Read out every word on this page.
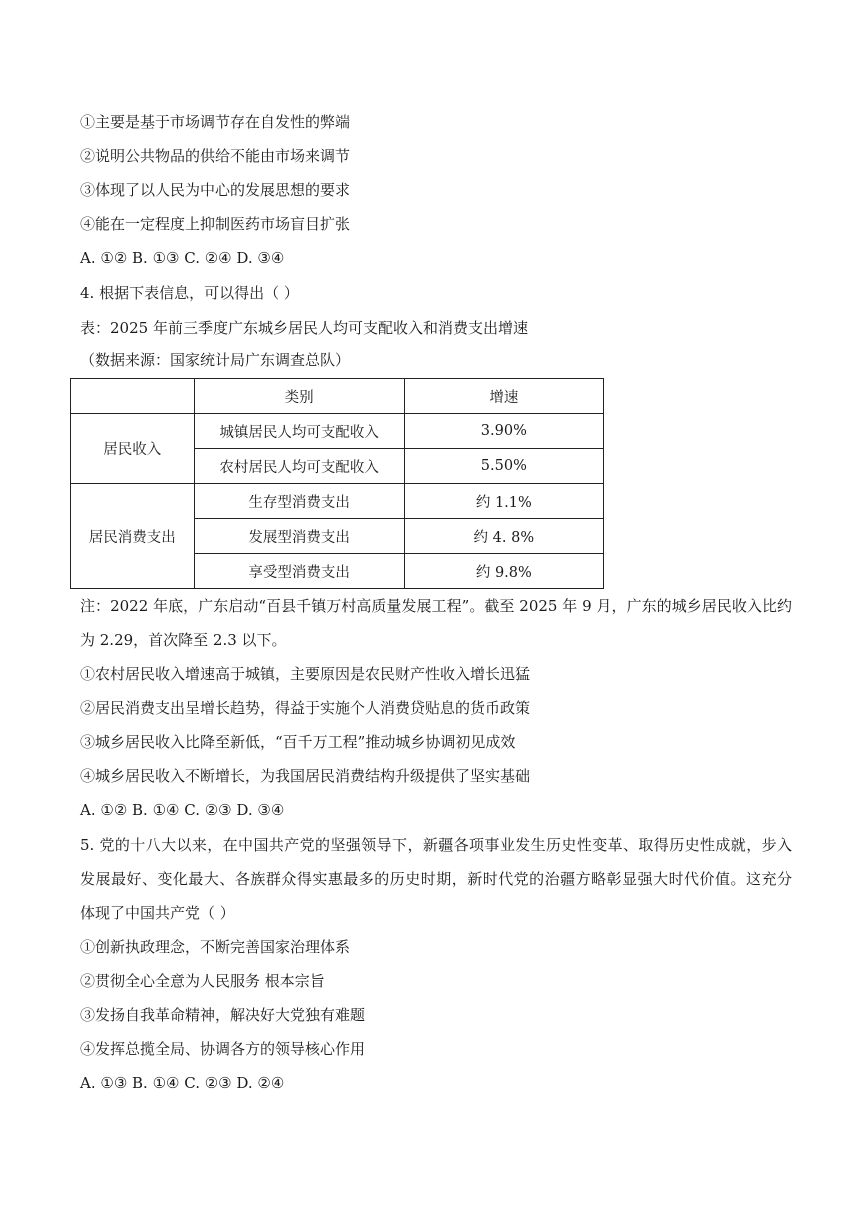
①主要是基于市场调节存在自发性的弊端
②说明公共物品的供给不能由市场来调节
③体现了以人民为中心的发展思想的要求
④能在一定程度上抑制医药市场盲目扩张
A. ①② B. ①③ C. ②④ D. ③④
4. 根据下表信息，可以得出（ ）
表：2025 年前三季度广东城乡居民人均可支配收入和消费支出增速
（数据来源：国家统计局广东调查总队）
	类别	增速
居民收入	城镇居民人均可支配收入	3.90%
	农村居民人均可支配收入	5.50%
居民消费支出	生存型消费支出	约 1.1%
	发展型消费支出	约 4. 8%
	享受型消费支出	约 9.8%
注：2022 年底，广东启动“百县千镇万村高质量发展工程”。截至 2025 年 9 月，广东的城乡居民收入比约
为 2.29，首次降至 2.3 以下。
①农村居民收入增速高于城镇，主要原因是农民财产性收入增长迅猛
②居民消费支出呈增长趋势，得益于实施个人消费贷贴息的货币政策
③城乡居民收入比降至新低，“百千万工程”推动城乡协调初见成效
④城乡居民收入不断增长，为我国居民消费结构升级提供了坚实基础
A. ①② B. ①④ C. ②③ D. ③④
5. 党的十八大以来，在中国共产党的坚强领导下，新疆各项事业发生历史性变革、取得历史性成就，步入
发展最好、变化最大、各族群众得实惠最多的历史时期，新时代党的治疆方略彰显强大时代价值。这充分
体现了中国共产党（ ）
①创新执政理念，不断完善国家治理体系
②贯彻全心全意为人民服务 根本宗旨
③发扬自我革命精神，解决好大党独有难题
④发挥总揽全局、协调各方的领导核心作用
A. ①③ B. ①④ C. ②③ D. ②④
